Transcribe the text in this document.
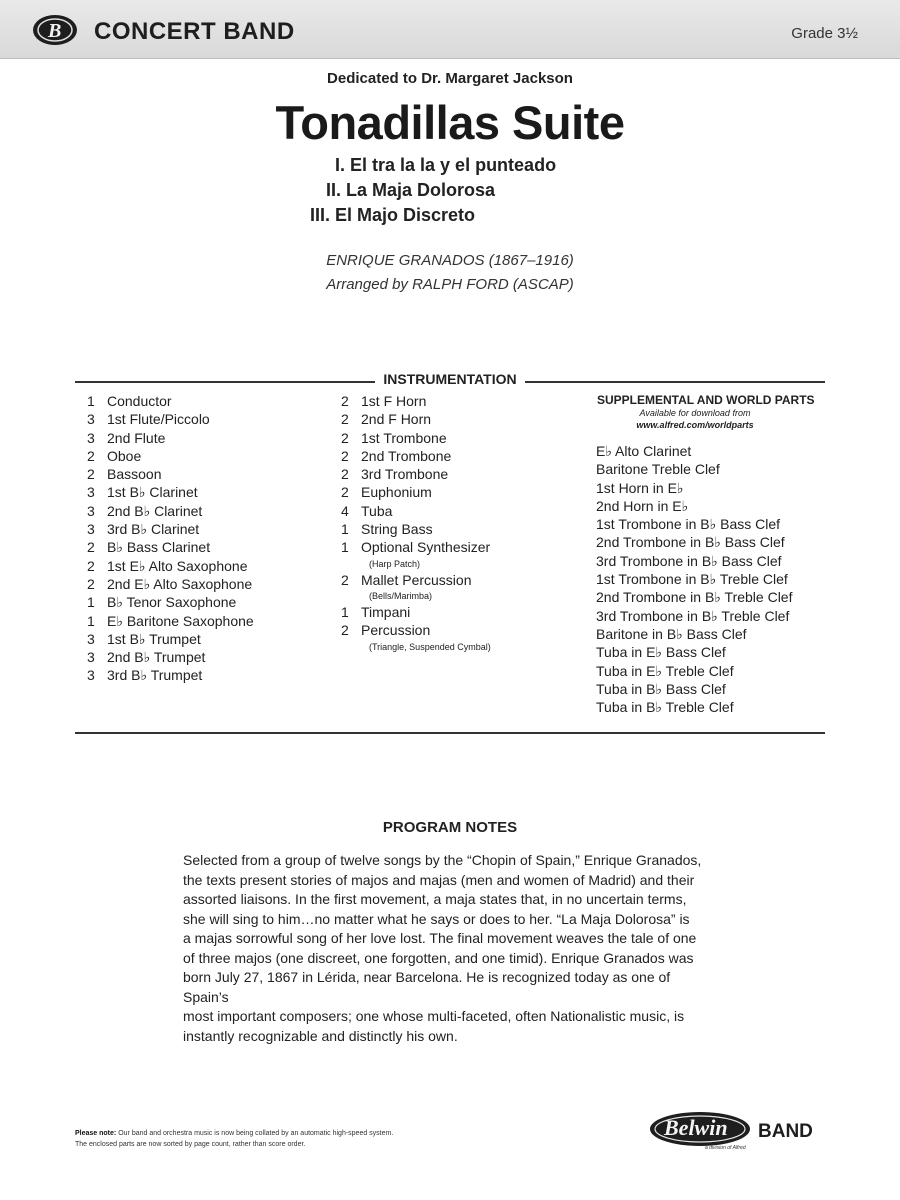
B CONCERT BAND	Grade 3½
Dedicated to Dr. Margaret Jackson
Tonadillas Suite
I. El tra la la y el punteado
II. La Maja Dolorosa
III. El Majo Discreto
ENRIQUE GRANADOS (1867–1916)
Arranged by RALPH FORD (ASCAP)
INSTRUMENTATION
1 Conductor
3 1st Flute/Piccolo
3 2nd Flute
2 Oboe
2 Bassoon
3 1st B♭ Clarinet
3 2nd B♭ Clarinet
3 3rd B♭ Clarinet
2 B♭ Bass Clarinet
2 1st E♭ Alto Saxophone
2 2nd E♭ Alto Saxophone
1 B♭ Tenor Saxophone
1 E♭ Baritone Saxophone
3 1st B♭ Trumpet
3 2nd B♭ Trumpet
3 3rd B♭ Trumpet
2 1st F Horn
2 2nd F Horn
2 1st Trombone
2 2nd Trombone
2 3rd Trombone
2 Euphonium
4 Tuba
1 String Bass
1 Optional Synthesizer
(Harp Patch)
2 Mallet Percussion
(Bells/Marimba)
1 Timpani
2 Percussion
(Triangle, Suspended Cymbal)
SUPPLEMENTAL AND WORLD PARTS
Available for download from
www.alfred.com/worldparts
E♭ Alto Clarinet
Baritone Treble Clef
1st Horn in E♭
2nd Horn in E♭
1st Trombone in B♭ Bass Clef
2nd Trombone in B♭ Bass Clef
3rd Trombone in B♭ Bass Clef
1st Trombone in B♭ Treble Clef
2nd Trombone in B♭ Treble Clef
3rd Trombone in B♭ Treble Clef
Baritone in B♭ Bass Clef
Tuba in E♭ Bass Clef
Tuba in E♭ Treble Clef
Tuba in B♭ Bass Clef
Tuba in B♭ Treble Clef
PROGRAM NOTES
Selected from a group of twelve songs by the “Chopin of Spain,” Enrique Granados,
the texts present stories of majos and majas (men and women of Madrid) and their
assorted liaisons. In the first movement, a maja states that, in no uncertain terms,
she will sing to him…no matter what he says or does to her. “La Maja Dolorosa” is
a majas sorrowful song of her love lost. The final movement weaves the tale of one
of three majos (one discreet, one forgotten, and one timid). Enrique Granados was
born July 27, 1867 in Lérida, near Barcelona. He is recognized today as one of Spain’s
most important composers; one whose multi-faceted, often Nationalistic music, is
instantly recognizable and distinctly his own.
Please note: Our band and orchestra music is now being collated by an automatic high-speed system.
The enclosed parts are now sorted by page count, rather than score order.
Belwin BAND
a division of Alfred
